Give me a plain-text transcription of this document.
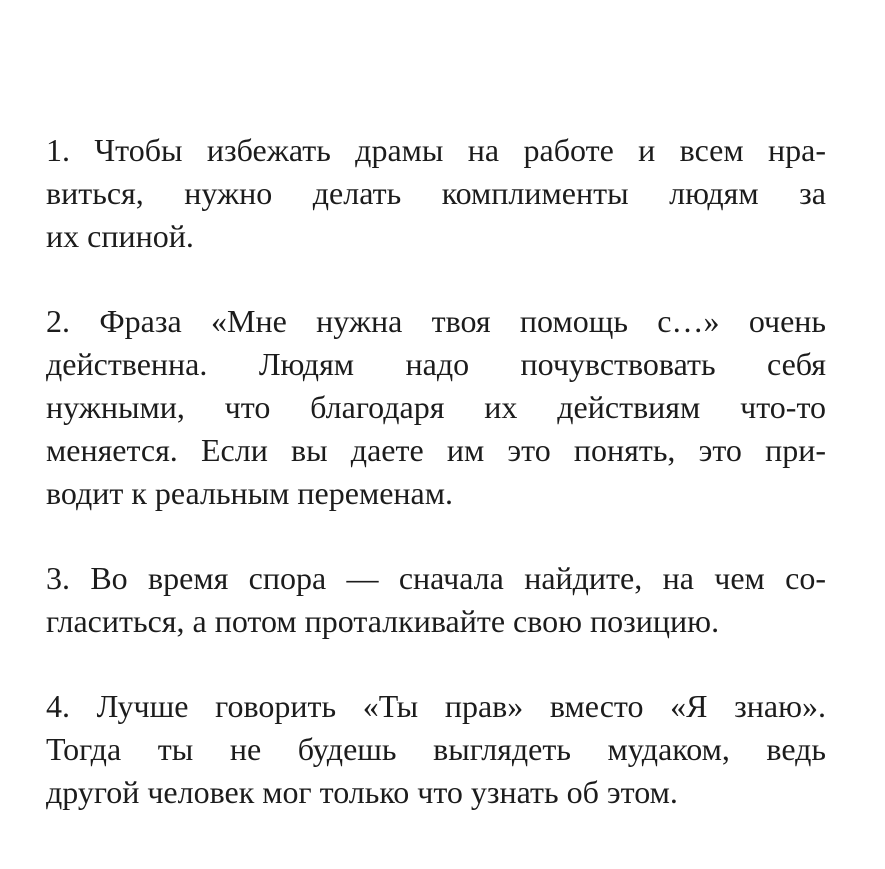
1. Чтобы избежать драмы на работе и всем нра-
виться, нужно делать комплименты людям за
их спиной.
2. Фраза «Мне нужна твоя помощь с…» очень
действенна. Людям надо почувствовать себя
нужными, что благодаря их действиям что-то
меняется. Если вы даете им это понять, это при-
водит к реальным переменам.
3. Во время спора — сначала найдите, на чем со-
гласиться, а потом проталкивайте свою позицию.
4. Лучше говорить «Ты прав» вместо «Я знаю».
Тогда ты не будешь выглядеть мудаком, ведь
другой человек мог только что узнать об этом.
